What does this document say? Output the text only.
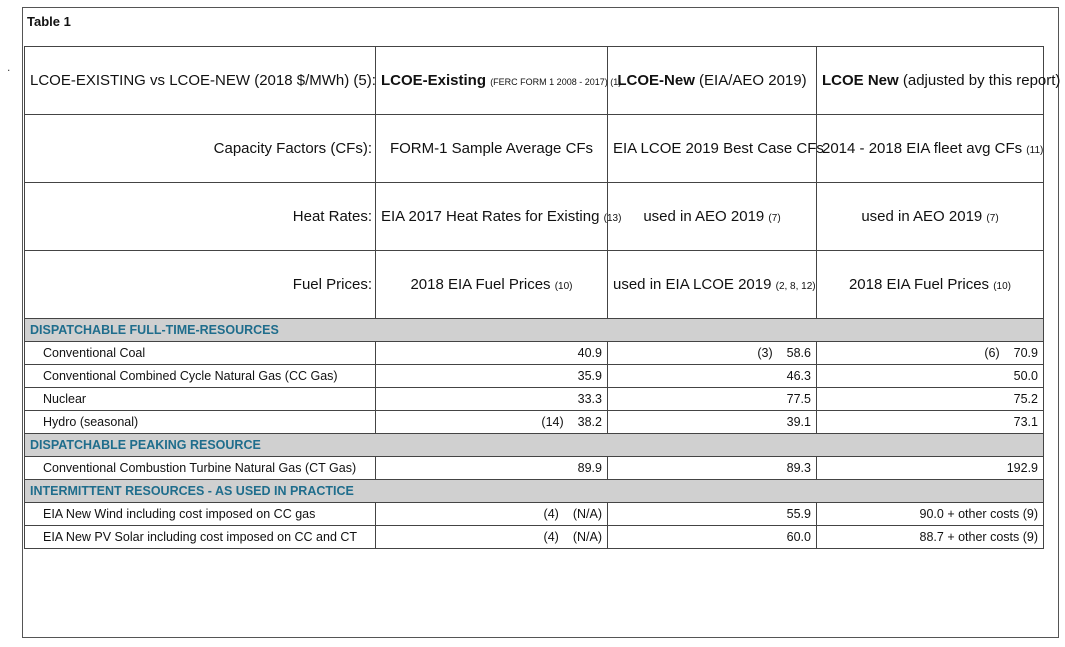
Table 1
.
LCOE-EXISTING vs LCOE-NEW (2018 $/MWh) (5):	LCOE-Existing (FERC FORM 1 2008 - 2017) (1)	LCOE-New (EIA/AEO 2019)	LCOE New (adjusted by this report)
Capacity Factors (CFs):	FORM-1 Sample Average CFs	EIA LCOE 2019 Best Case CFs	2014 - 2018 EIA fleet avg CFs (11)
Heat Rates:	EIA 2017 Heat Rates for Existing (13)	used in AEO 2019 (7)	used in AEO 2019 (7)
Fuel Prices:	2018 EIA Fuel Prices (10)	used in EIA LCOE 2019 (2, 8, 12)	2018 EIA Fuel Prices (10)
DISPATCHABLE FULL-TIME-RESOURCES			
Conventional Coal	40.9	(3) 58.6	(6) 70.9
Conventional Combined Cycle Natural Gas (CC Gas)	35.9	46.3	50.0
Nuclear	33.3	77.5	75.2
Hydro (seasonal)	(14) 38.2	39.1	73.1
DISPATCHABLE PEAKING RESOURCE			
Conventional Combustion Turbine Natural Gas (CT Gas)	89.9	89.3	192.9
INTERMITTENT RESOURCES - AS USED IN PRACTICE			
EIA New Wind including cost imposed on CC gas	(4) (N/A)	55.9	90.0 + other costs (9)
EIA New PV Solar including cost imposed on CC and CT	(4) (N/A)	60.0	88.7 + other costs (9)
